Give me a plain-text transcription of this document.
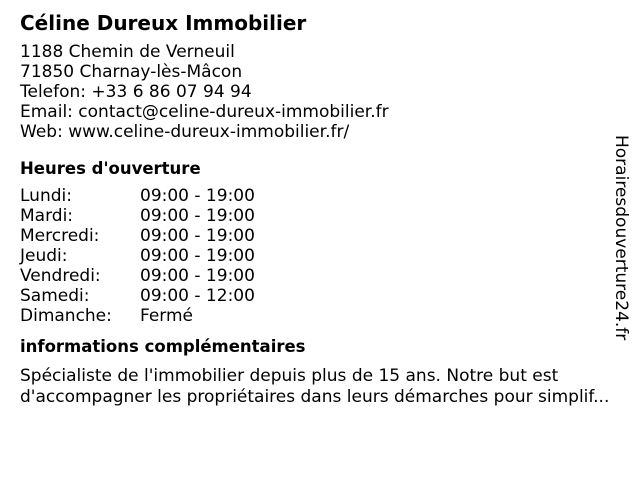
Céline Dureux Immobilier
1188 Chemin de Verneuil
71850 Charnay-lès-Mâcon
Telefon: +33 6 86 07 94 94
Email: contact@celine-dureux-immobilier.fr
Web: www.celine-dureux-immobilier.fr/
Heures d'ouverture
Lundi:	09:00 - 19:00
Mardi:	09:00 - 19:00
Mercredi:	09:00 - 19:00
Jeudi:	09:00 - 19:00
Vendredi:	09:00 - 19:00
Samedi:	09:00 - 12:00
Dimanche:	Fermé
informations complémentaires
Spécialiste de l'immobilier depuis plus de 15 ans. Notre but est
d'accompagner les propriétaires dans leurs démarches pour simplif...
Horairesdouverture24.fr
